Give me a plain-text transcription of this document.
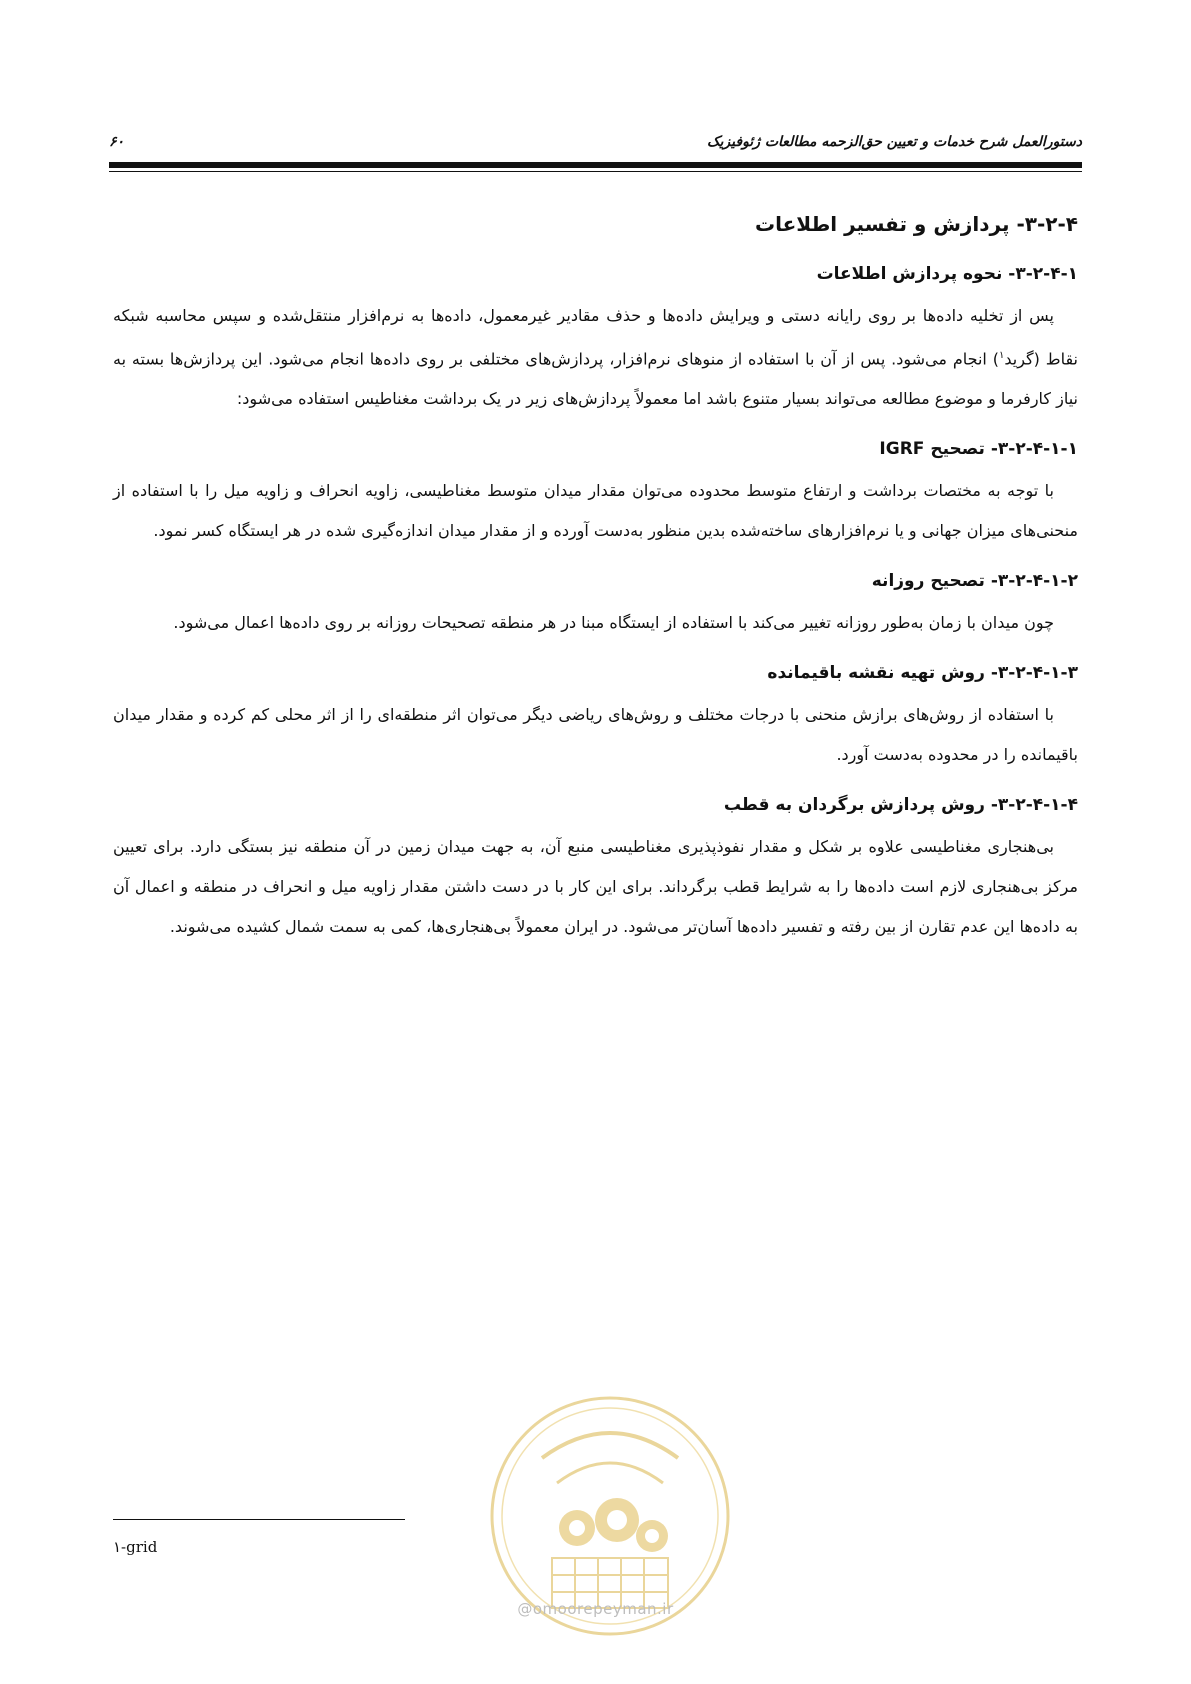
دستورالعمل شرح خدمات و تعیین حق‌الزحمه مطالعات ژئوفیزیک
۶۰
۳-۲-۴- پردازش و تفسیر اطلاعات
۳-۲-۴-۱- نحوه پردازش اطلاعات

پس از تخلیه داده‌ها بر روی رایانه دستی و ویرایش داده‌ها و حذف مقادیر غیرمعمول، داده‌ها به نرم‌افزار منتقل‌شده و سپس محاسبه شبکه نقاط (گرید$^۱$) انجام می‌شود. پس از آن با استفاده از منوهای نرم‌افزار، پردازش‌های مختلفی بر روی داده‌ها انجام می‌شود. این پردازش‌ها بسته به نیاز کارفرما و موضوع مطالعه می‌تواند بسیار متنوع باشد اما معمولاً پردازش‌های زیر در یک برداشت مغناطیس استفاده می‌شود:

۳-۲-۴-۱-۱- تصحیح IGRF

با توجه به مختصات برداشت و ارتفاع متوسط محدوده می‌توان مقدار میدان متوسط مغناطیسی، زاویه انحراف و زاویه میل را با استفاده از منحنی‌های میزان جهانی و یا نرم‌افزارهای ساخته‌شده بدین منظور به‌دست آورده و از مقدار میدان اندازه‌گیری شده در هر ایستگاه کسر نمود.

۳-۲-۴-۱-۲- تصحیح روزانه

چون میدان با زمان به‌طور روزانه تغییر می‌کند با استفاده از ایستگاه مبنا در هر منطقه تصحیحات روزانه بر روی داده‌ها اعمال می‌شود.

۳-۲-۴-۱-۳- روش تهیه نقشه باقیمانده

با استفاده از روش‌های برازش منحنی با درجات مختلف و روش‌های ریاضی دیگر می‌توان اثر منطقه‌ای را از اثر محلی کم کرده و مقدار میدان باقیمانده را در محدوده به‌دست آورد.

۳-۲-۴-۱-۴- روش پردازش برگردان به قطب

بی‌هنجاری مغناطیسی علاوه بر شکل و مقدار نفوذپذیری مغناطیسی منبع آن، به جهت میدان زمین در آن منطقه نیز بستگی دارد. برای تعیین مرکز بی‌هنجاری لازم است داده‌ها را به شرایط قطب برگرداند. برای این کار با در دست داشتن مقدار زاویه میل و انحراف در منطقه و اعمال آن به داده‌ها این عدم تقارن از بین رفته و تفسیر داده‌ها آسان‌تر می‌شود. در ایران معمولاً بی‌هنجاری‌ها، کمی به سمت شمال کشیده می‌شوند.

۱-grid
@omoorepeyman.ir
